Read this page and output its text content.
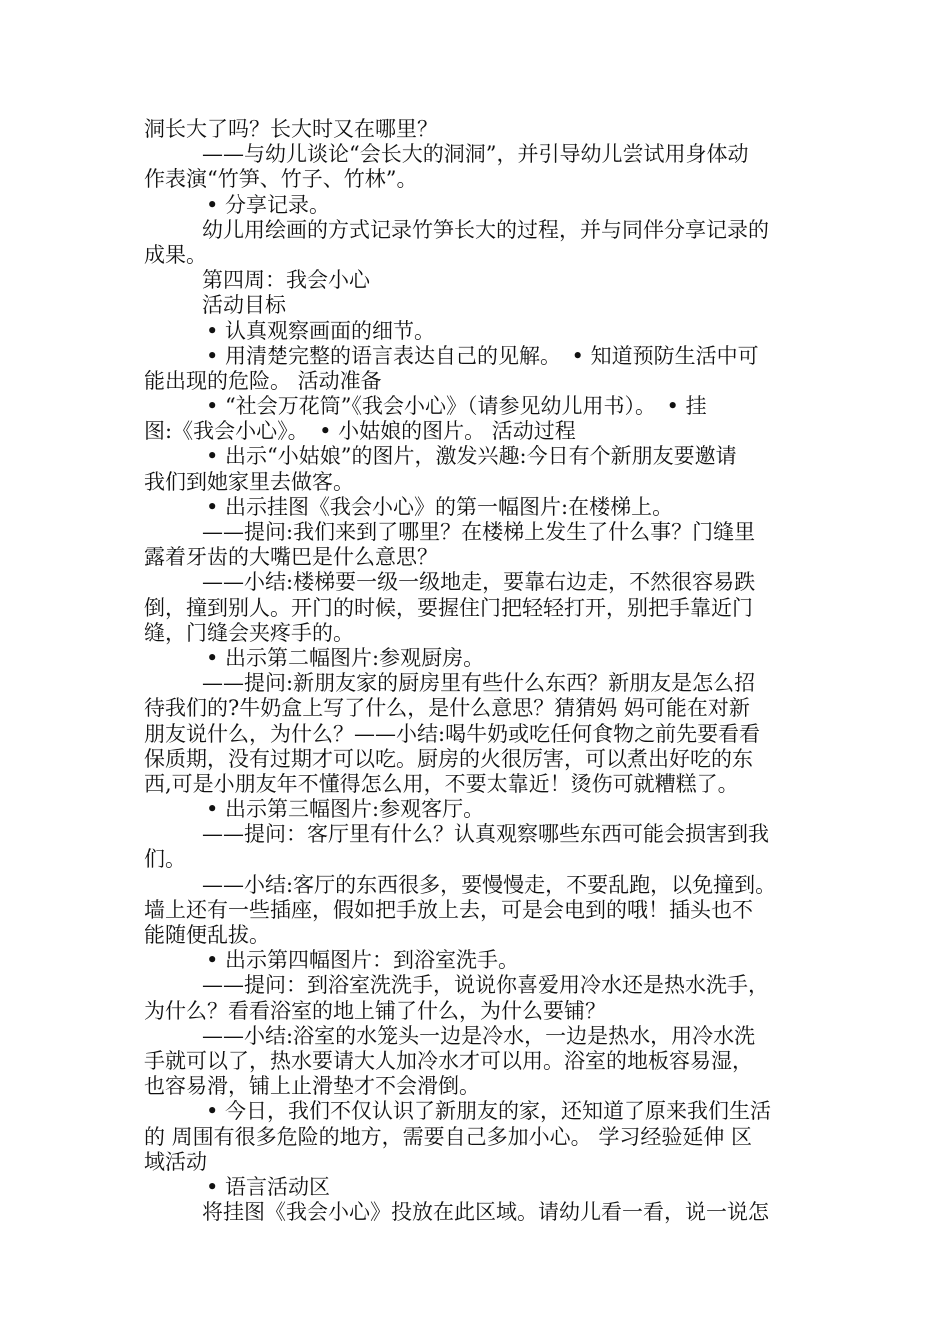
洞长大了吗？长大时又在哪里？
——与幼儿谈论“会长大的洞洞”，并引导幼儿尝试用身体动
作表演“竹笋、竹子、竹林”。
• 分享记录。
幼儿用绘画的方式记录竹笋长大的过程，并与同伴分享记录的
成果。
第四周：我会小心
活动目标
• 认真观察画面的细节。
• 用清楚完整的语言表达自己的见解。　• 知道预防生活中可
能出现的危险。 活动准备
• “社会万花筒”《我会小心》（请参见幼儿用书）。　• 挂
图:《我会小心》。　• 小姑娘的图片。 活动过程
• 出示“小姑娘”的图片，激发兴趣:今日有个新朋友要邀请
我们到她家里去做客。
• 出示挂图《我会小心》的第一幅图片:在楼梯上。
——提问:我们来到了哪里？在楼梯上发生了什么事？门缝里
露着牙齿的大嘴巴是什么意思？
——小结:楼梯要一级一级地走，要靠右边走，不然很容易跌
倒，撞到别人。开门的时候，要握住门把轻轻打开，别把手靠近门
缝，门缝会夹疼手的。
• 出示第二幅图片:参观厨房。
——提问:新朋友家的厨房里有些什么东西？新朋友是怎么招
待我们的?牛奶盒上写了什么，是什么意思？猜猜妈 妈可能在对新
朋友说什么，为什么？——小结:喝牛奶或吃任何食物之前先要看看
保质期，没有过期才可以吃。厨房的火很厉害，可以煮出好吃的东
西,可是小朋友年不懂得怎么用，不要太靠近！烫伤可就糟糕了。
• 出示第三幅图片:参观客厅。
——提问：客厅里有什么？认真观察哪些东西可能会损害到我
们。
——小结:客厅的东西很多，要慢慢走，不要乱跑，以免撞到。
墙上还有一些插座，假如把手放上去，可是会电到的哦！插头也不
能随便乱拔。
• 出示第四幅图片：到浴室洗手。
——提问：到浴室洗洗手，说说你喜爱用冷水还是热水洗手，
为什么？看看浴室的地上铺了什么，为什么要铺？
——小结:浴室的水笼头一边是冷水，一边是热水，用冷水洗
手就可以了，热水要请大人加冷水才可以用。浴室的地板容易湿，
也容易滑，铺上止滑垫才不会滑倒。
• 今日，我们不仅认识了新朋友的家，还知道了原来我们生活
的 周围有很多危险的地方，需要自己多加小心。 学习经验延伸 区
域活动
• 语言活动区
将挂图《我会小心》投放在此区域。请幼儿看一看，说一说怎
